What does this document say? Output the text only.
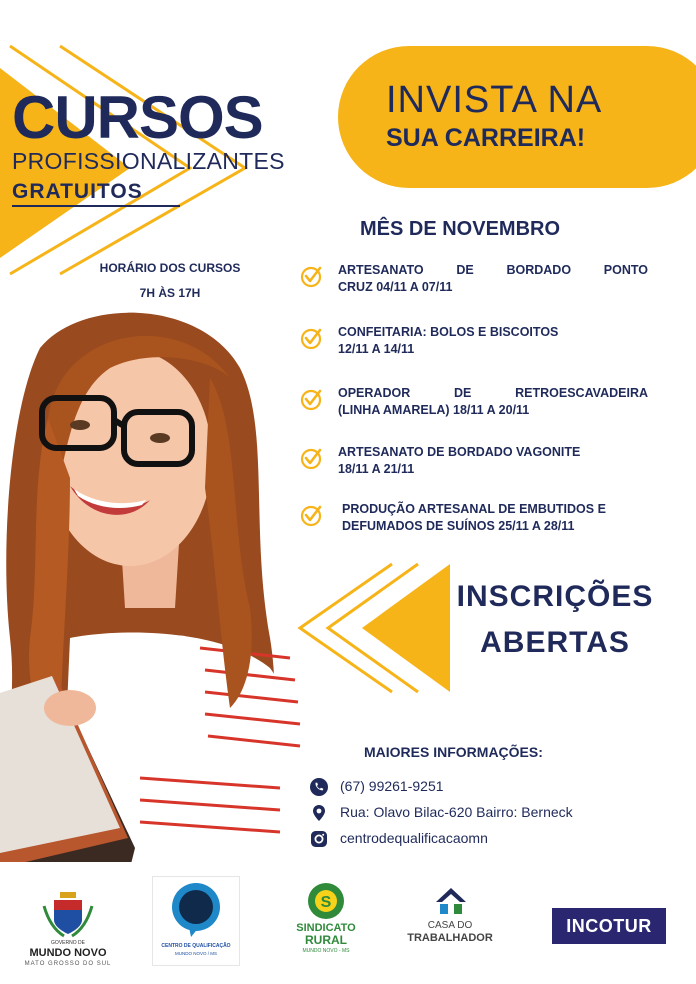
CURSOS
PROFISSIONALIZANTES
GRATUITOS
HORÁRIO DOS CURSOS
7H ÀS 17H
INVISTA NA
SUA CARREIRA!
MÊS DE NOVEMBRO
ARTESANATO DE BORDADO PONTO
CRUZ 04/11 A 07/11
CONFEITARIA: BOLOS E BISCOITOS
12/11 A 14/11
OPERADOR DE RETROESCAVADEIRA
(LINHA AMARELA) 18/11 A 20/11
ARTESANATO DE BORDADO VAGONITE
18/11 A 21/11
PRODUÇÃO ARTESANAL DE EMBUTIDOS E
DEFUMADOS DE SUÍNOS 25/11 A 28/11
INSCRIÇÕES
ABERTAS
MAIORES INFORMAÇÕES:
(67) 99261-9251
Rua: Olavo Bilac-620 Bairro: Berneck
centrodequalificacaomn
GOVERNO DE
MUNDO NOVO
MATO GROSSO DO SUL
CENTRO DE QUALIFICAÇÃO
MUNDO NOVO / MS
S
SINDICATO
RURAL
MUNDO NOVO - MS
CASA DO
TRABALHADOR
INCOTUR
